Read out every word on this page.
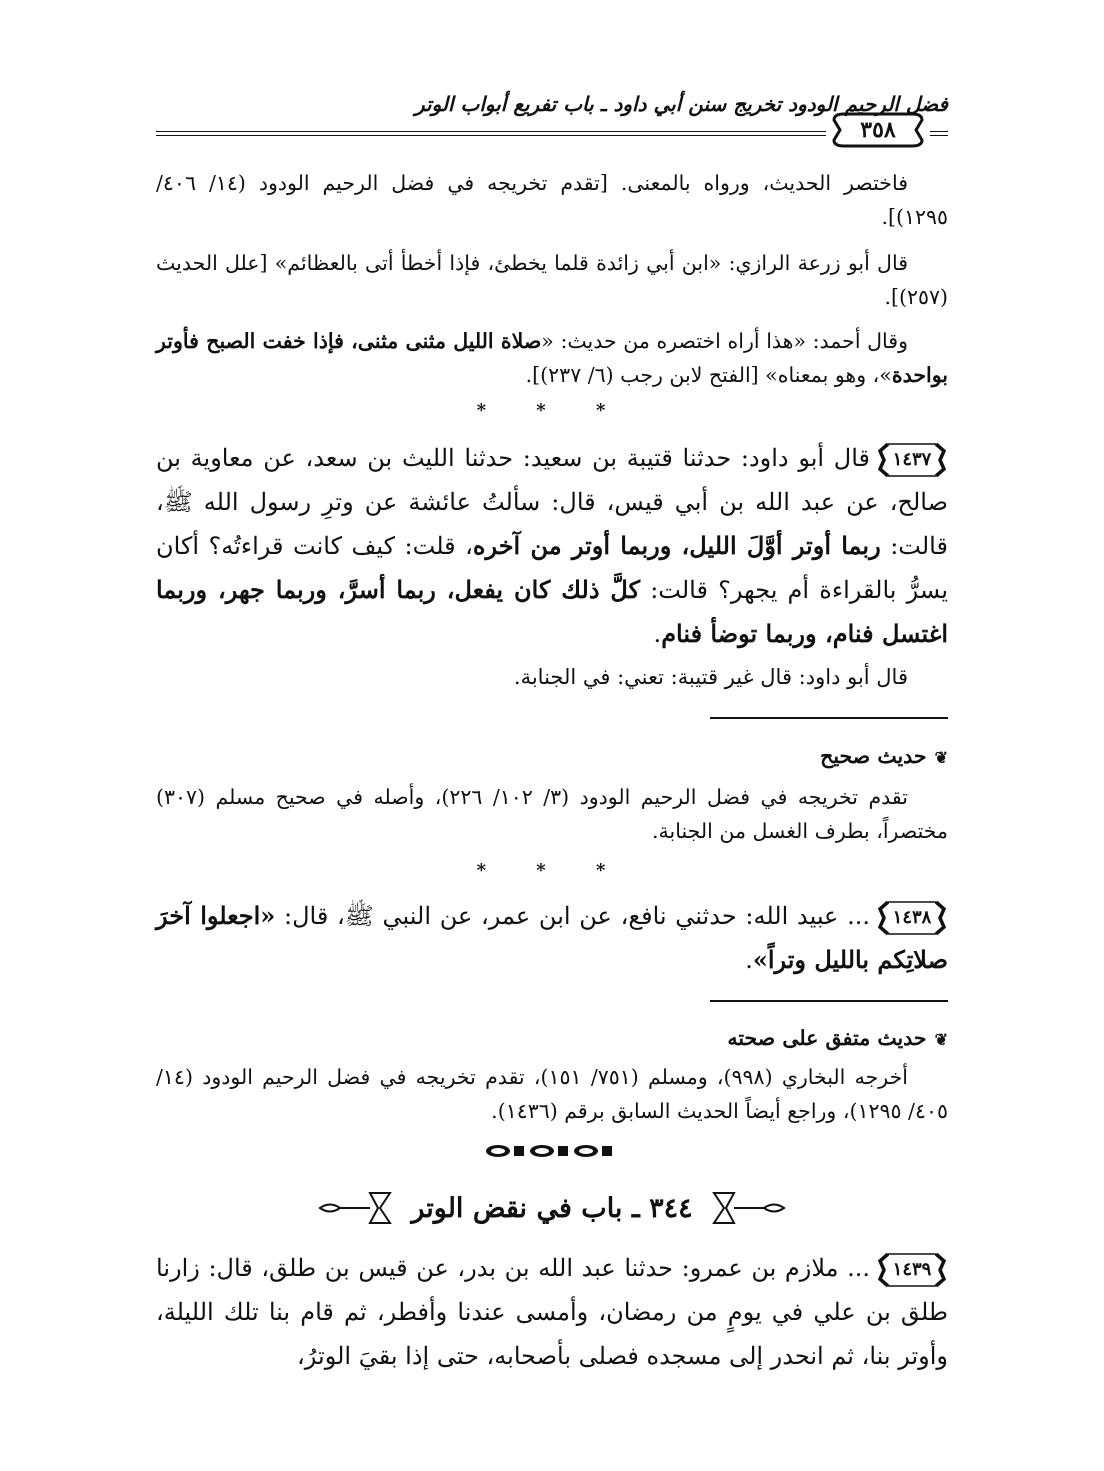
فضل الرحيم الودود تخريج سنن أبي داود ـ باب تفريع أبواب الوتر
٣٥٨
فاختصر الحديث، ورواه بالمعنى. [تقدم تخريجه في فضل الرحيم الودود (١٤/ ٤٠٦/ ١٢٩٥)].
قال أبو زرعة الرازي: «ابن أبي زائدة قلما يخطئ، فإذا أخطأ أتى بالعظائم» [علل الحديث (٢٥٧)].
وقال أحمد: «هذا أراه اختصره من حديث: «صلاة الليل مثنى مثنى، فإذا خفت الصبح فأوتر بواحدة»، وهو بمعناه» [الفتح لابن رجب (٦/ ٢٣٧)].
* * *
١٤٣٧
قال أبو داود: حدثنا قتيبة بن سعيد: حدثنا الليث بن سعد، عن معاوية بن صالح، عن عبد الله بن أبي قيس، قال: سألتُ عائشة عن وترِ رسول الله ﷺ، قالت: ربما أوتر أوَّلَ الليل، وربما أوتر من آخره، قلت: كيف كانت قراءتُه؟ أكان يسرُّ بالقراءة أم يجهر؟ قالت: كلَّ ذلك كان يفعل، ربما أسرَّ، وربما جهر، وربما اغتسل فنام، وربما توضأ فنام.
قال أبو داود: قال غير قتيبة: تعني: في الجنابة.
❦حديث صحيح
تقدم تخريجه في فضل الرحيم الودود (٣/ ١٠٢/ ٢٢٦)، وأصله في صحيح مسلم (٣٠٧) مختصراً، بطرف الغسل من الجنابة.
* * *
١٤٣٨
... عبيد الله: حدثني نافع، عن ابن عمر، عن النبي ﷺ، قال: «اجعلوا آخرَ صلاتِكم بالليل وتراً».
❦حديث متفق على صحته
أخرجه البخاري (٩٩٨)، ومسلم (٧٥١/ ١٥١)، تقدم تخريجه في فضل الرحيم الودود (١٤/ ٤٠٥/ ١٢٩٥)، وراجع أيضاً الحديث السابق برقم (١٤٣٦).
٣٤٤ ـ باب في نقض الوتر
١٤٣٩
... ملازم بن عمرو: حدثنا عبد الله بن بدر، عن قيس بن طلق، قال: زارنا طلق بن علي في يومٍ من رمضان، وأمسى عندنا وأفطر، ثم قام بنا تلك الليلة، وأوتر بنا، ثم انحدر إلى مسجده فصلى بأصحابه، حتى إذا بقيَ الوترُ،
